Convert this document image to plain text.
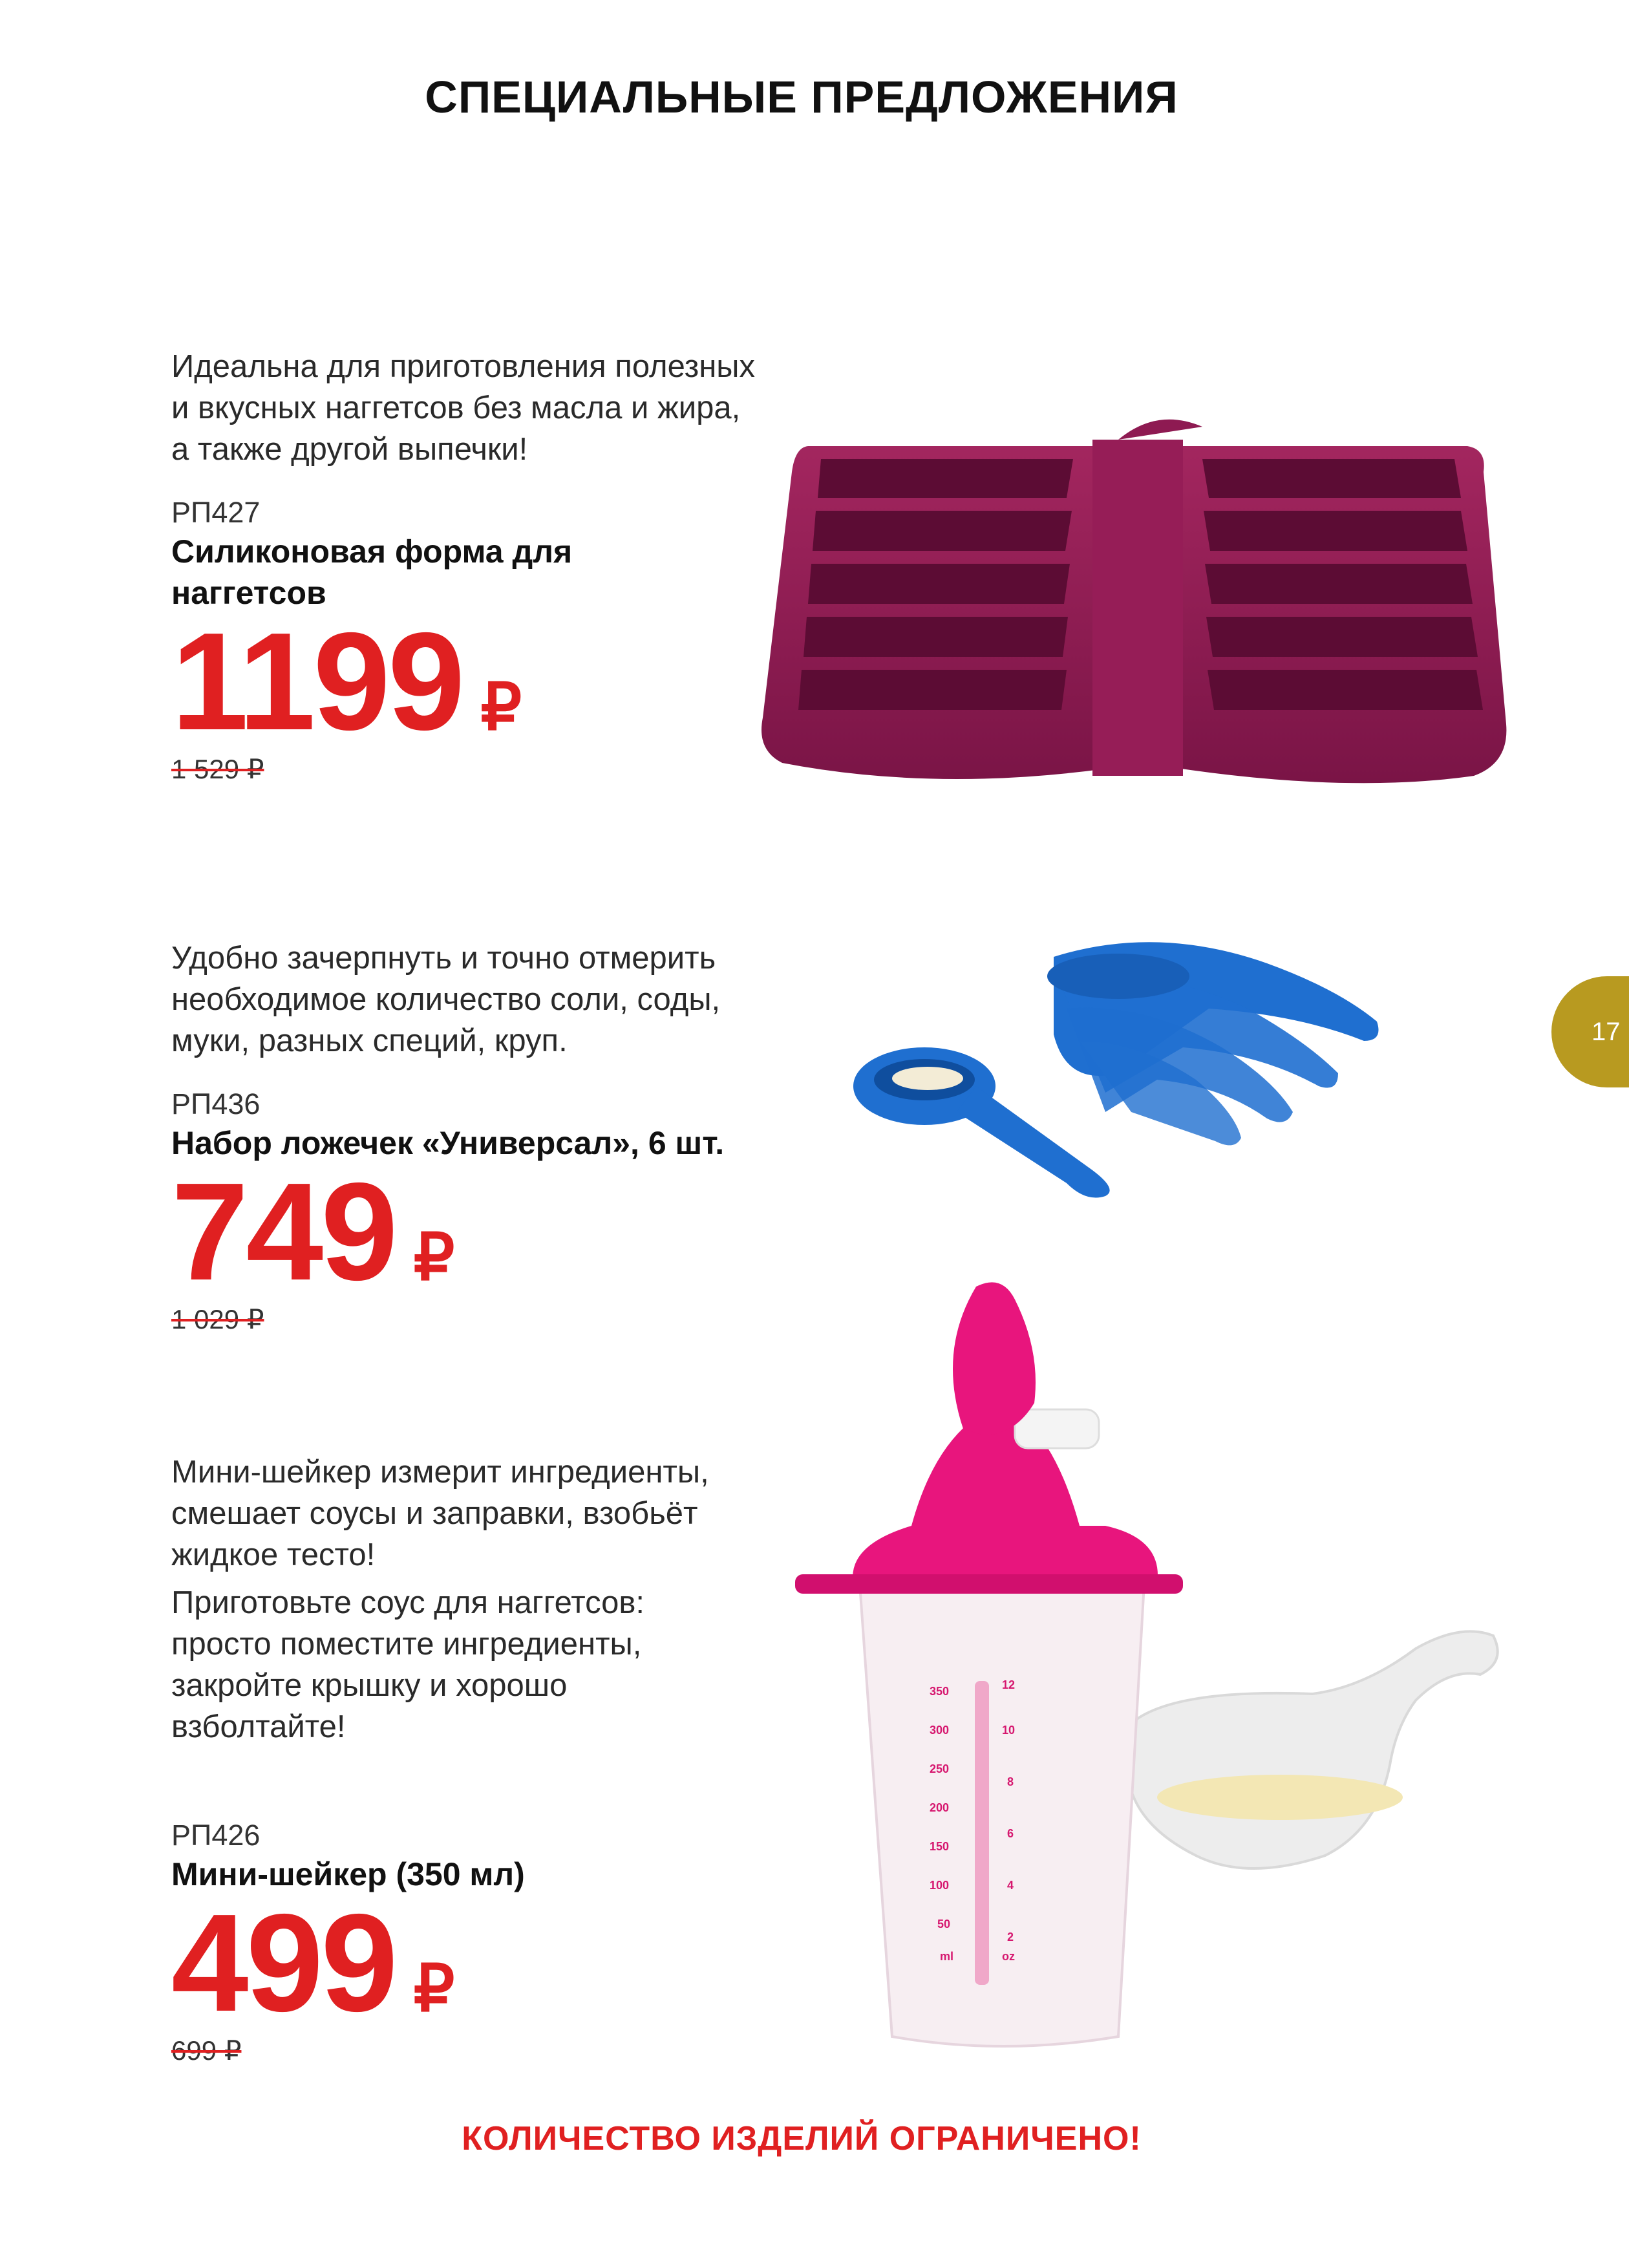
СПЕЦИАЛЬНЫЕ ПРЕДЛОЖЕНИЯ
Идеальна для приготовления полезных
и вкусных наггетсов без масла и жира,
а также другой выпечки!
РП427
Силиконовая форма для
наггетсов
1199 ₽
1 529 ₽
Удобно зачерпнуть и точно отмерить
необходимое количество соли, соды,
муки, разных специй, круп.
РП436
Набор ложечек «Универсал», 6 шт.
749 ₽
1 029 ₽
17
Мини-шейкер измерит ингредиенты,
смешает соусы и заправки, взобьёт
жидкое тесто!
Приготовьте соус для наггетсов:
просто поместите ингредиенты,
закройте крышку и хорошо
взболтайте!
РП426
Мини-шейкер (350 мл)
499 ₽
699 ₽
350
300
250
200
150
100
50
ml
12
10
8
6
4
2
oz
КОЛИЧЕСТВО ИЗДЕЛИЙ ОГРАНИЧЕНО!
